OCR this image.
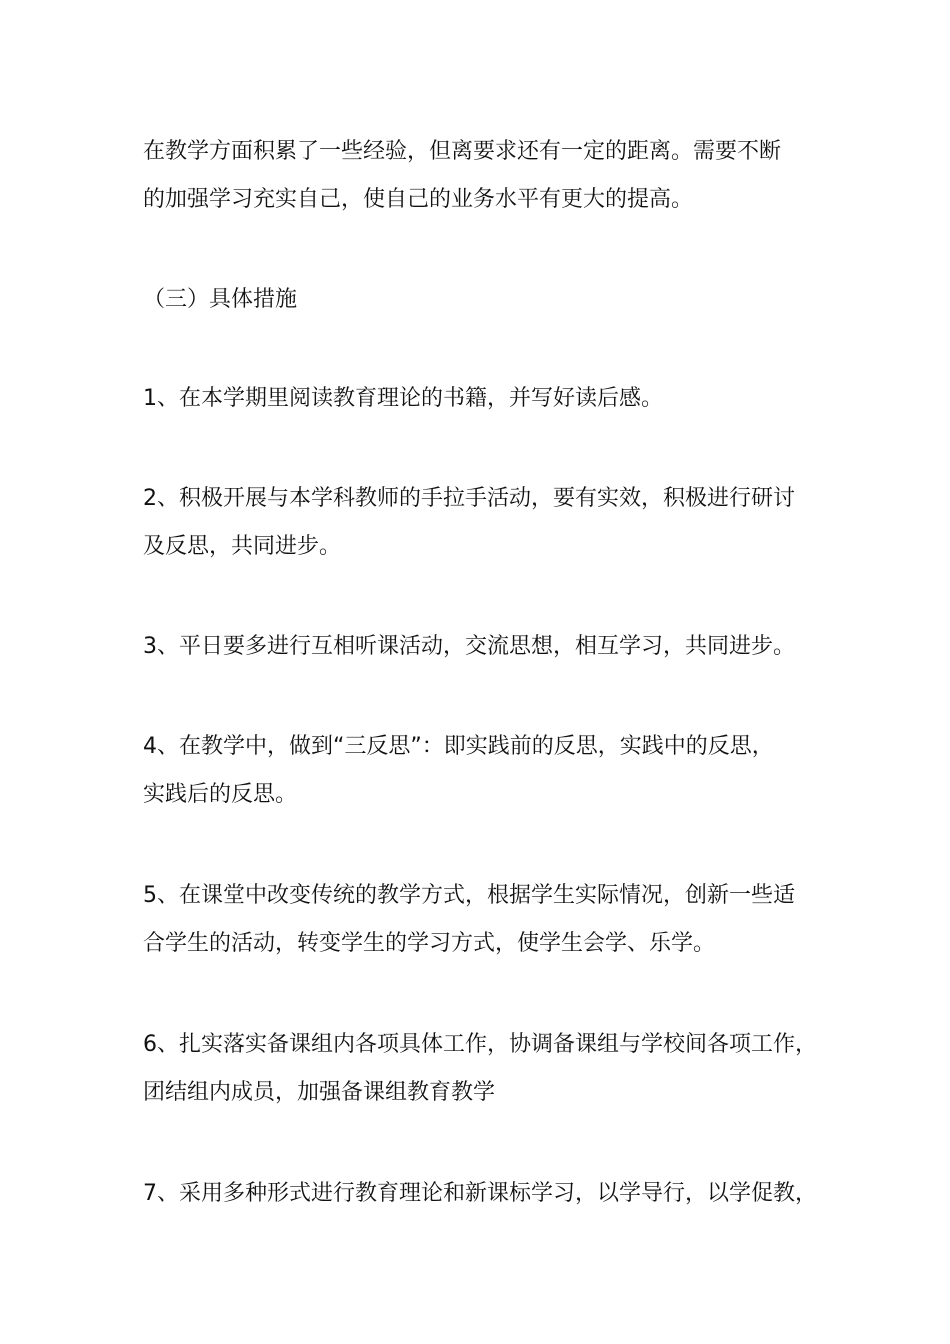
在教学方面积累了一些经验，但离要求还有一定的距离。需要不断
的加强学习充实自己，使自己的业务水平有更大的提高。
（三）具体措施
1、在本学期里阅读教育理论的书籍，并写好读后感。
2、积极开展与本学科教师的手拉手活动，要有实效，积极进行研讨
及反思，共同进步。
3、平日要多进行互相听课活动，交流思想，相互学习，共同进步。
4、在教学中，做到“三反思”：即实践前的反思，实践中的反思，
实践后的反思。
5、在课堂中改变传统的教学方式，根据学生实际情况，创新一些适
合学生的活动，转变学生的学习方式，使学生会学、乐学。
6、扎实落实备课组内各项具体工作，协调备课组与学校间各项工作，
团结组内成员，加强备课组教育教学
7、采用多种形式进行教育理论和新课标学习，以学导行，以学促教，
